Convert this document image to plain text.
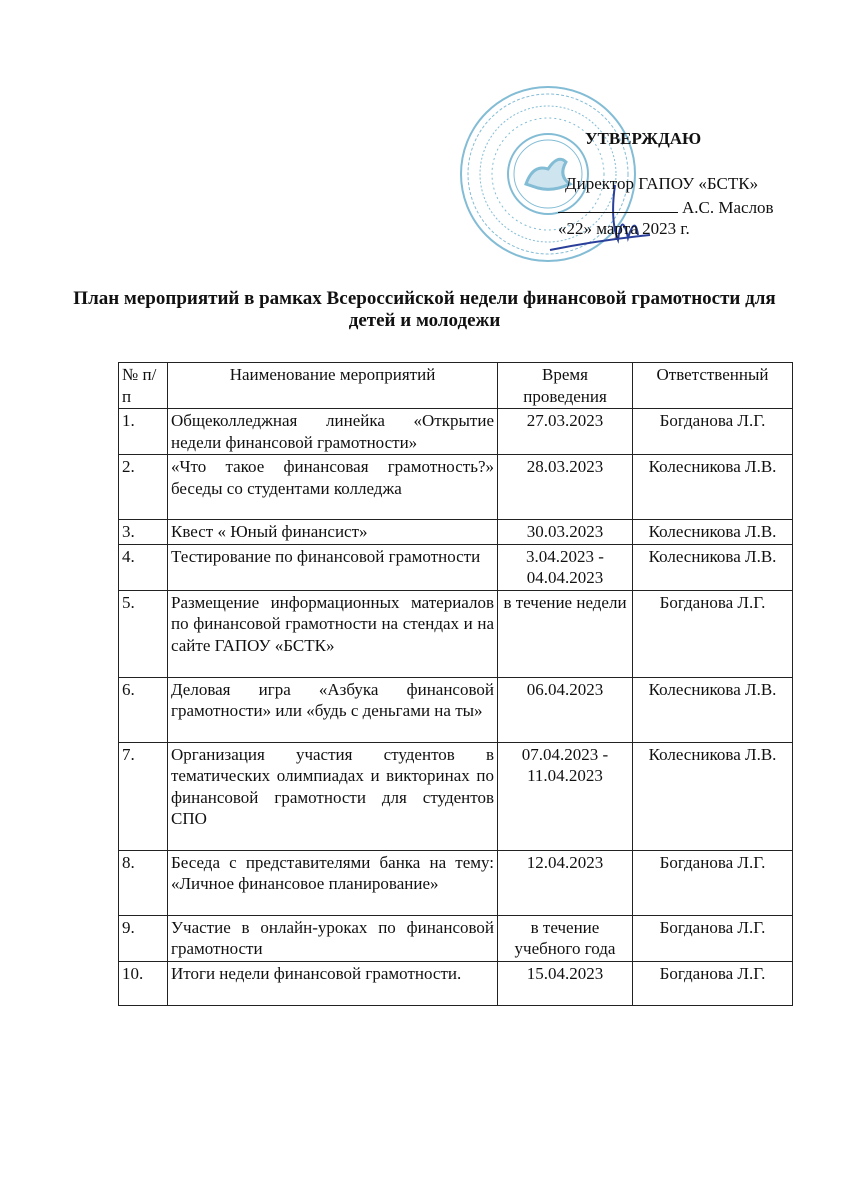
УТВЕРЖДАЮ
Директор ГАПОУ «БСТК»
А.С. Маслов
«22» марта 2023 г.
План мероприятий в рамках Всероссийской недели финансовой грамотности для детей и молодежи
№ п/п	Наименование мероприятий	Время проведения	Ответственный
1.	Общеколледжная линейка «Открытие недели финансовой грамотности»	27.03.2023	Богданова Л.Г.
2.	«Что такое финансовая грамотность?» беседы со студентами колледжа	28.03.2023	Колесникова Л.В.
3.	Квест « Юный финансист»	30.03.2023	Колесникова Л.В.
4.	Тестирование по финансовой грамотности	3.04.2023 - 04.04.2023	Колесникова Л.В.
5.	Размещение информационных материалов по финансовой грамотности на стендах и на сайте ГАПОУ «БСТК»	в течение недели	Богданова Л.Г.
6.	Деловая игра «Азбука финансовой грамотности» или «будь с деньгами на ты»	06.04.2023	Колесникова Л.В.
7.	Организация участия студентов в тематических олимпиадах и викторинах по финансовой грамотности для студентов СПО	07.04.2023 - 11.04.2023	Колесникова Л.В.
8.	Беседа с представителями банка на тему: «Личное финансовое планирование»	12.04.2023	Богданова Л.Г.
9.	Участие в онлайн-уроках по финансовой грамотности	в течение учебного года	Богданова Л.Г.
10.	Итоги недели финансовой грамотности.	15.04.2023	Богданова Л.Г.
